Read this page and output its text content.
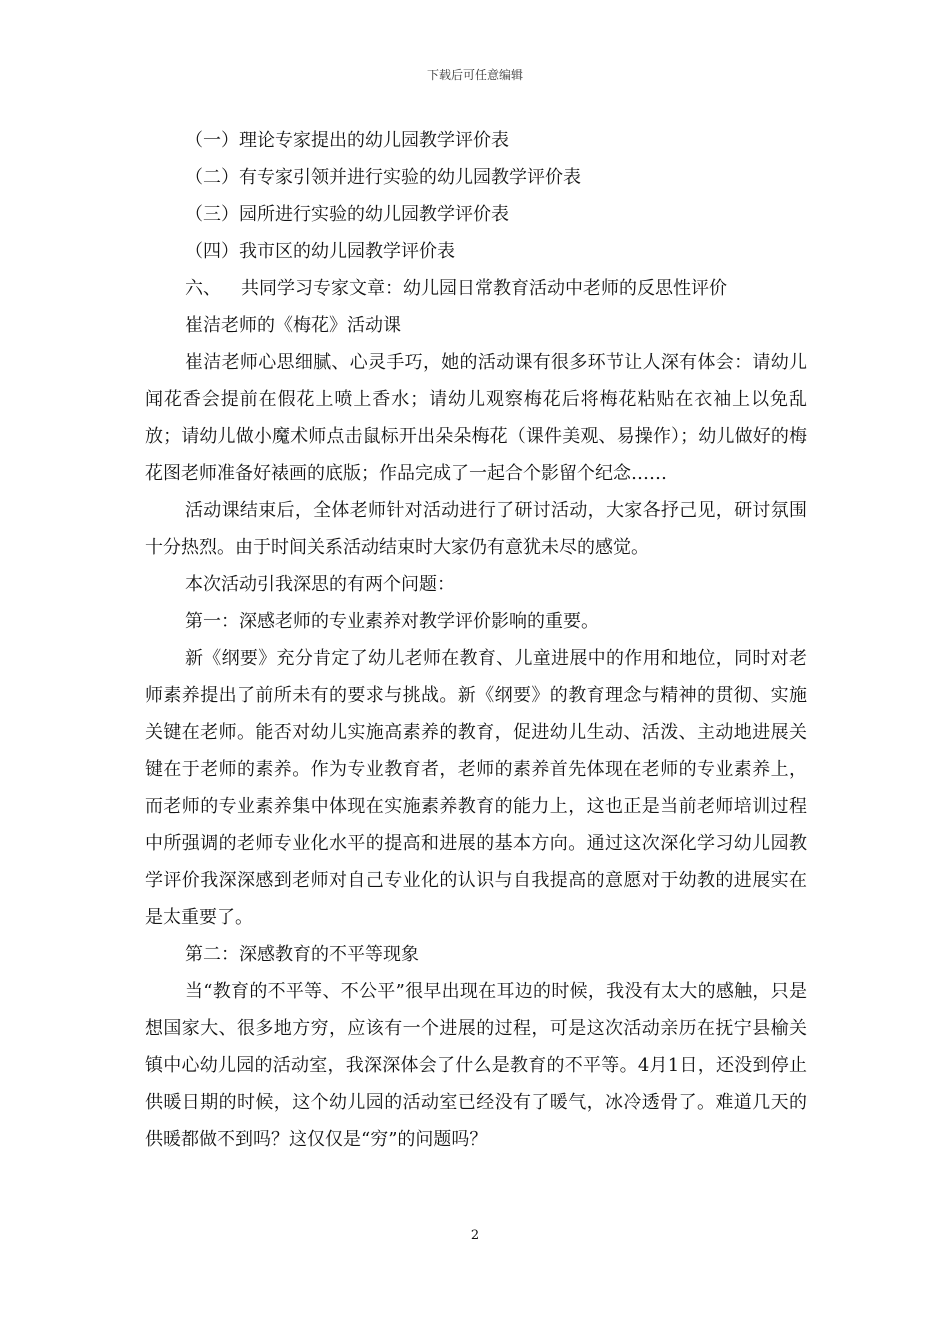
下载后可任意编辑
（一）理论专家提出的幼儿园教学评价表
（二）有专家引领并进行实验的幼儿园教学评价表
（三）园所进行实验的幼儿园教学评价表
（四）我市区的幼儿园教学评价表
六、 共同学习专家文章：幼儿园日常教育活动中老师的反思性评价
崔洁老师的《梅花》活动课

崔洁老师心思细腻、心灵手巧，她的活动课有很多环节让人深有体会：请幼儿闻花香会提前在假花上喷上香水；请幼儿观察梅花后将梅花粘贴在衣袖上以免乱放；请幼儿做小魔术师点击鼠标开出朵朵梅花（课件美观、易操作）；幼儿做好的梅花图老师准备好裱画的底版；作品完成了一起合个影留个纪念……

活动课结束后，全体老师针对活动进行了研讨活动，大家各抒己见，研讨氛围十分热烈。由于时间关系活动结束时大家仍有意犹未尽的感觉。

本次活动引我深思的有两个问题：

第一：深感老师的专业素养对教学评价影响的重要。

新《纲要》充分肯定了幼儿老师在教育、儿童进展中的作用和地位，同时对老师素养提出了前所未有的要求与挑战。新《纲要》的教育理念与精神的贯彻、实施关键在老师。能否对幼儿实施高素养的教育，促进幼儿生动、活泼、主动地进展关键在于老师的素养。作为专业教育者，老师的素养首先体现在老师的专业素养上，而老师的专业素养集中体现在实施素养教育的能力上，这也正是当前老师培训过程中所强调的老师专业化水平的提高和进展的基本方向。通过这次深化学习幼儿园教学评价我深深感到老师对自己专业化的认识与自我提高的意愿对于幼教的进展实在是太重要了。

第二：深感教育的不平等现象

当“教育的不平等、不公平”很早出现在耳边的时候，我没有太大的感触，只是想国家大、很多地方穷，应该有一个进展的过程，可是这次活动亲历在抚宁县榆关镇中心幼儿园的活动室，我深深体会了什么是教育的不平等。4月1日，还没到停止供暖日期的时候，这个幼儿园的活动室已经没有了暖气，冰冷透骨了。难道几天的供暖都做不到吗？这仅仅是“穷”的问题吗？

2
